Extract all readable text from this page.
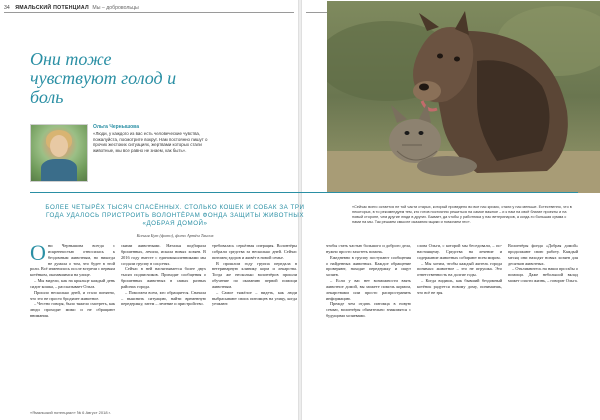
34 ЯМАЛЬСКИЙ ПОТЕНЦИАЛ Мы – добровольцы
Они тоже чувствуют голод и боль
Ольга Чернышова

«Люди, у каждого из вас есть человеческие чувства, пожалуйста, посмотрите вокруг. Нам постоянно пишут о прочих жестоких ситуациях, жертвами которых стали животные, мы все равно не знаем, как быть».

БОЛЕЕ ЧЕТЫРЁХ ТЫСЯЧ СПАСЁННЫХ. СТОЛЬКО КОШЕК И СОБАК ЗА ТРИ ГОДА УДАЛОСЬ ПРИСТРОИТЬ ВОЛОНТЁРАМ ФОНДА ЗАЩИТЫ ЖИВОТНЫХ «ДОБРАЯ ДОМОЙ»

Ксения Бут (фото), фото Артём Таисов

«Сейчас всего остается не той части старых, который проведено во все нас кризис, стали у нас меньше. Естественно, что в некоторых, в то рекомендуем тем, кто готов постоянно решиться на самое важное – и к нам на своё благие проекты и на новый стороне, чем другие люди в других. Бывает, да чтобы у работника у нас ветеринаров, а когда-то большая сумма с нами на мы. Так решаем смысле оказания ящики и помогаем это».

Они Чернышова всегда с искренностью относилась к бездомным животным, но никогда не думала о том, что будет в этой роли. Всё изменилось после встречи с первым котёнком, оказавшимся на улице.

– Мы видели, как на крыльце каждый день сидит кошка, – рассказывает Ольга.

Прошло несколько дней, и стало понятно, что это не просто бродячее животное.

– Честно говоря, было тяжело смотреть, как люди проходят мимо и не обращают внимания.

скими животными. Наталья подбирала брошенных, лечила, искала новых хозяев. В 2016 году вместе с единомышленниками мы создали группу в соцсетях.

Сейчас в ней насчитывается более двух тысяч подписчиков. Приходят сообщения о брошенных животных в самых разных районах города.

– Помогаем всем, кто обращается. Сначала – выяснить ситуацию, найти временную передержку, затем – лечение и пристройство.

требовалась серьёзная операция. Волонтёры собрали средства за несколько дней. Сейчас питомец здоров и живёт в новой семье.

В прошлом году группа передала в ветеринарную клинику корм и лекарства. Тогда же несколько волонтёров прошли обучение по оказанию первой помощи животным.

– Самое тяжёлое – видеть, как люди выбрасывают своих питомцев на улицу, когда уезжают.

чтобы стать частью большого и доброго дела, нужно просто захотеть помочь.

Ежедневно в группу поступают сообщения о найденных животных. Каждое обращение проверяют, находят передержку и ищут хозяев.

– Если у вас нет возможности взять животное домой, вы можете помочь кормом, лекарствами или просто распространить информацию.

Прежде чем отдать питомца в новую семью, волонтёры обязательно знакомятся с будущими хозяевами.

слова Ольги, с которой мы беседовали, – по-настоящему. Средства на лечение и содержание животных собирают всем миром.

– Мы хотим, чтобы каждый житель города понимал: животное – это не игрушка. Это ответственность на долгие годы.

– Когда видишь, как бывший бездомный котёнок радуется новому дому, понимаешь, что всё не зря.

Волонтёры фонда «Добрая домой» продолжают свою работу. Каждый месяц они находят новых хозяев для десятков животных.

– Откликнитесь на наши просьбы о помощи. Даже небольшой вклад может спасти жизнь, – говорит Ольга.

«Ямальский потенциал» № 6 Август 2018 г.
